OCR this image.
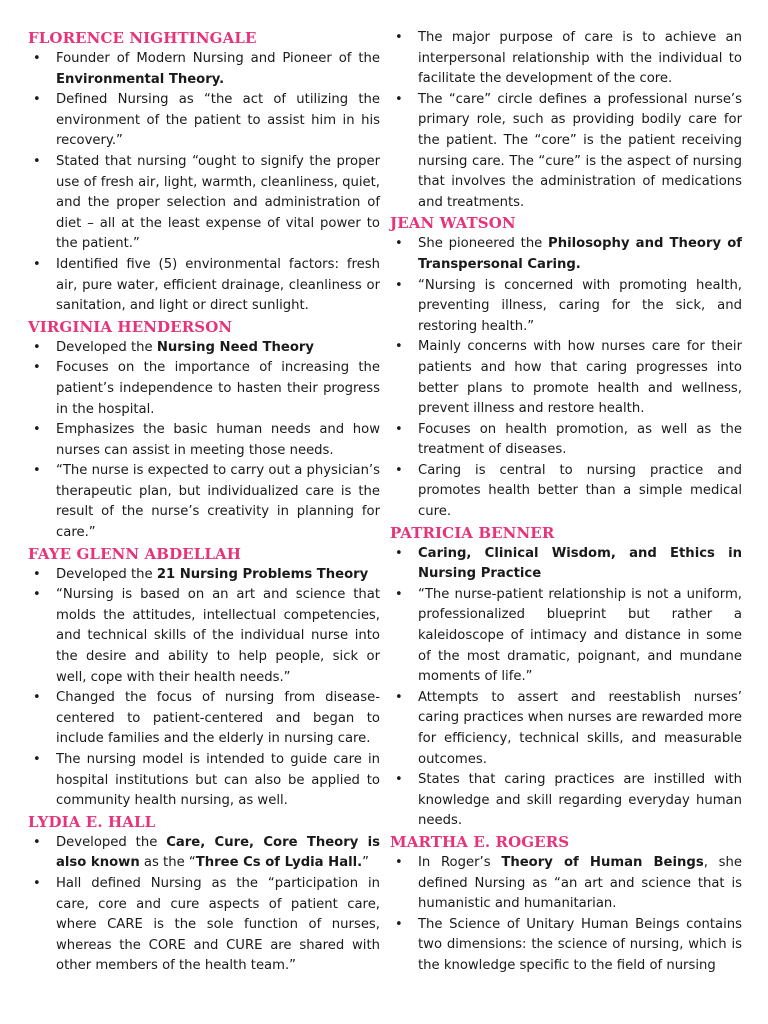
FLORENCE NIGHTINGALE
• Founder of Modern Nursing and Pioneer of the Environmental Theory.
• Defined Nursing as “the act of utilizing the environment of the patient to assist him in his recovery.”
• Stated that nursing “ought to signify the proper use of fresh air, light, warmth, cleanliness, quiet, and the proper selection and administration of diet – all at the least expense of vital power to the patient.”
• Identified five (5) environmental factors: fresh air, pure water, efficient drainage, cleanliness or sanitation, and light or direct sunlight.
VIRGINIA HENDERSON
• Developed the Nursing Need Theory
• Focuses on the importance of increasing the patient’s independence to hasten their progress in the hospital.
• Emphasizes the basic human needs and how nurses can assist in meeting those needs.
• “The nurse is expected to carry out a physician’s therapeutic plan, but individualized care is the result of the nurse’s creativity in planning for care.”
FAYE GLENN ABDELLAH
• Developed the 21 Nursing Problems Theory
• “Nursing is based on an art and science that molds the attitudes, intellectual competencies, and technical skills of the individual nurse into the desire and ability to help people, sick or well, cope with their health needs.”
• Changed the focus of nursing from disease-centered to patient-centered and began to include families and the elderly in nursing care.
• The nursing model is intended to guide care in hospital institutions but can also be applied to community health nursing, as well.
LYDIA E. HALL
• Developed the Care, Cure, Core Theory is also known as the “Three Cs of Lydia Hall.”
• Hall defined Nursing as the “participation in care, core and cure aspects of patient care, where CARE is the sole function of nurses, whereas the CORE and CURE are shared with other members of the health team.”
• The major purpose of care is to achieve an interpersonal relationship with the individual to facilitate the development of the core.
• The “care” circle defines a professional nurse’s primary role, such as providing bodily care for the patient. The “core” is the patient receiving nursing care. The “cure” is the aspect of nursing that involves the administration of medications and treatments.
JEAN WATSON
• She pioneered the Philosophy and Theory of Transpersonal Caring.
• “Nursing is concerned with promoting health, preventing illness, caring for the sick, and restoring health.”
• Mainly concerns with how nurses care for their patients and how that caring progresses into better plans to promote health and wellness, prevent illness and restore health.
• Focuses on health promotion, as well as the treatment of diseases.
• Caring is central to nursing practice and promotes health better than a simple medical cure.
PATRICIA BENNER
• Caring, Clinical Wisdom, and Ethics in Nursing Practice
• “The nurse-patient relationship is not a uniform, professionalized blueprint but rather a kaleidoscope of intimacy and distance in some of the most dramatic, poignant, and mundane moments of life.”
• Attempts to assert and reestablish nurses’ caring practices when nurses are rewarded more for efficiency, technical skills, and measurable outcomes.
• States that caring practices are instilled with knowledge and skill regarding everyday human needs.
MARTHA E. ROGERS
• In Roger’s Theory of Human Beings, she defined Nursing as “an art and science that is humanistic and humanitarian.
• The Science of Unitary Human Beings contains two dimensions: the science of nursing, which is the knowledge specific to the field of nursing
